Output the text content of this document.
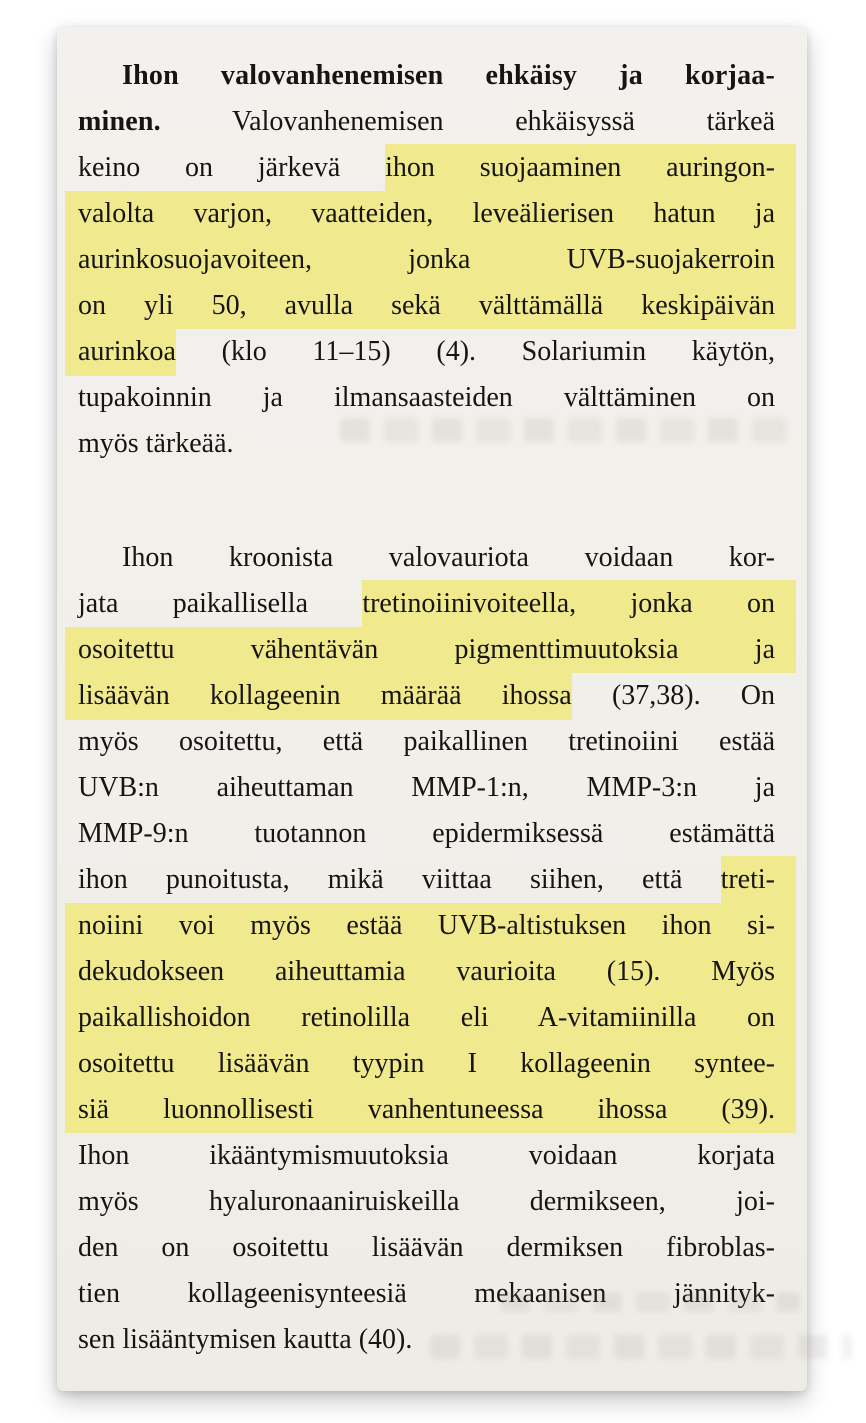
Ihon valovanhenemisen ehkäisy ja korjaa-
minen. Valovanhenemisen ehkäisyssä tärkeä
keino on järkevä ihon suojaaminen auringon-
valolta varjon, vaatteiden, leveälierisen hatun ja
aurinkosuojavoiteen, jonka UVB-suojakerroin
on yli 50, avulla sekä välttämällä keskipäivän
aurinkoa (klo 11–15) (4). Solariumin käytön,
tupakoinnin ja ilmansaasteiden välttäminen on
myös tärkeää.
Ihon kroonista valovauriota voidaan kor-
jata paikallisella tretinoiinivoiteella, jonka on
osoitettu vähentävän pigmenttimuutoksia ja
lisäävän kollageenin määrää ihossa (37,38). On
myös osoitettu, että paikallinen tretinoiini estää
UVB:n aiheuttaman MMP-1:n, MMP-3:n ja
MMP-9:n tuotannon epidermiksessä estämättä
ihon punoitusta, mikä viittaa siihen, että treti-
noiini voi myös estää UVB-altistuksen ihon si-
dekudokseen aiheuttamia vaurioita (15). Myös
paikallishoidon retinolilla eli A-vitamiinilla on
osoitettu lisäävän tyypin I kollageenin syntee-
siä luonnollisesti vanhentuneessa ihossa (39).
Ihon ikääntymismuutoksia voidaan korjata
myös hyaluronaaniruiskeilla dermikseen, joi-
den on osoitettu lisäävän dermiksen fibroblas-
tien kollageenisynteesiä mekaanisen jännityk-
sen lisääntymisen kautta (40).
